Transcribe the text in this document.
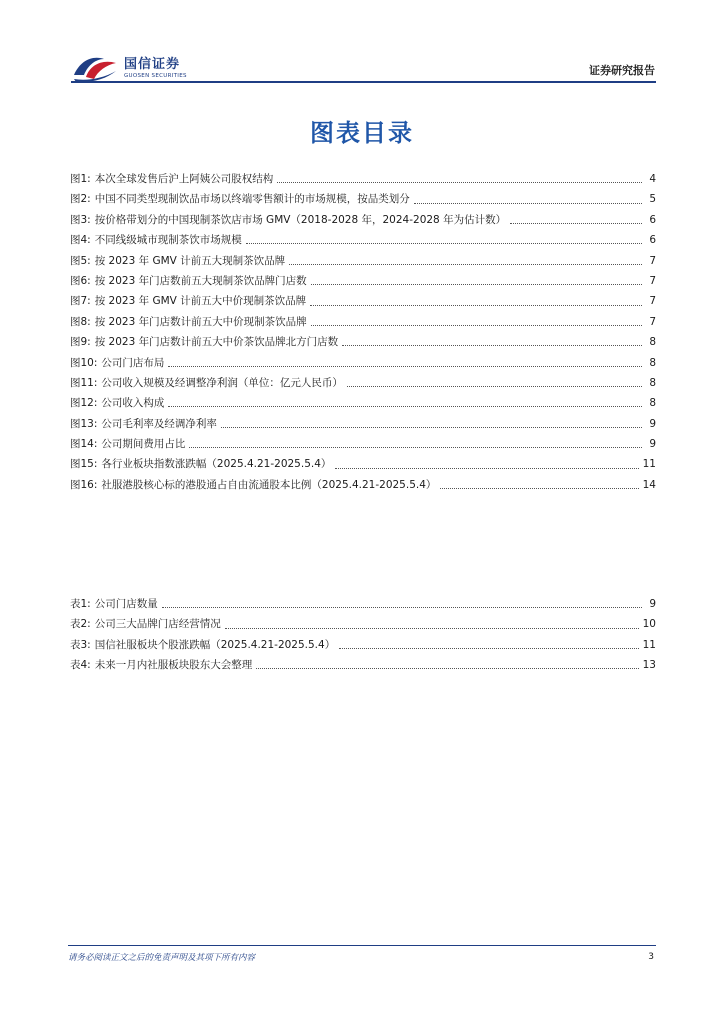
国信证券
GUOSEN SECURITIES	证券研究报告
图表目录
图1: 本次全球发售后沪上阿姨公司股权结构	4
图2: 中国不同类型现制饮品市场以终端零售额计的市场规模，按品类划分	5
图3: 按价格带划分的中国现制茶饮店市场 GMV（2018-2028 年，2024-2028 年为估计数）	6
图4: 不同线级城市现制茶饮市场规模	6
图5: 按 2023 年 GMV 计前五大现制茶饮品牌	7
图6: 按 2023 年门店数前五大现制茶饮品牌门店数	7
图7: 按 2023 年 GMV 计前五大中价现制茶饮品牌	7
图8: 按 2023 年门店数计前五大中价现制茶饮品牌	7
图9: 按 2023 年门店数计前五大中价茶饮品牌北方门店数	8
图10: 公司门店布局	8
图11: 公司收入规模及经调整净利润（单位：亿元人民币）	8
图12: 公司收入构成	8
图13: 公司毛利率及经调净利率	9
图14: 公司期间费用占比	9
图15: 各行业板块指数涨跌幅（2025.4.21-2025.5.4）	11
图16: 社服港股核心标的港股通占自由流通股本比例（2025.4.21-2025.5.4）	14
表1: 公司门店数量	9
表2: 公司三大品牌门店经营情况	10
表3: 国信社服板块个股涨跌幅（2025.4.21-2025.5.4）	11
表4: 未来一月内社服板块股东大会整理	13
请务必阅读正文之后的免责声明及其项下所有内容	3
